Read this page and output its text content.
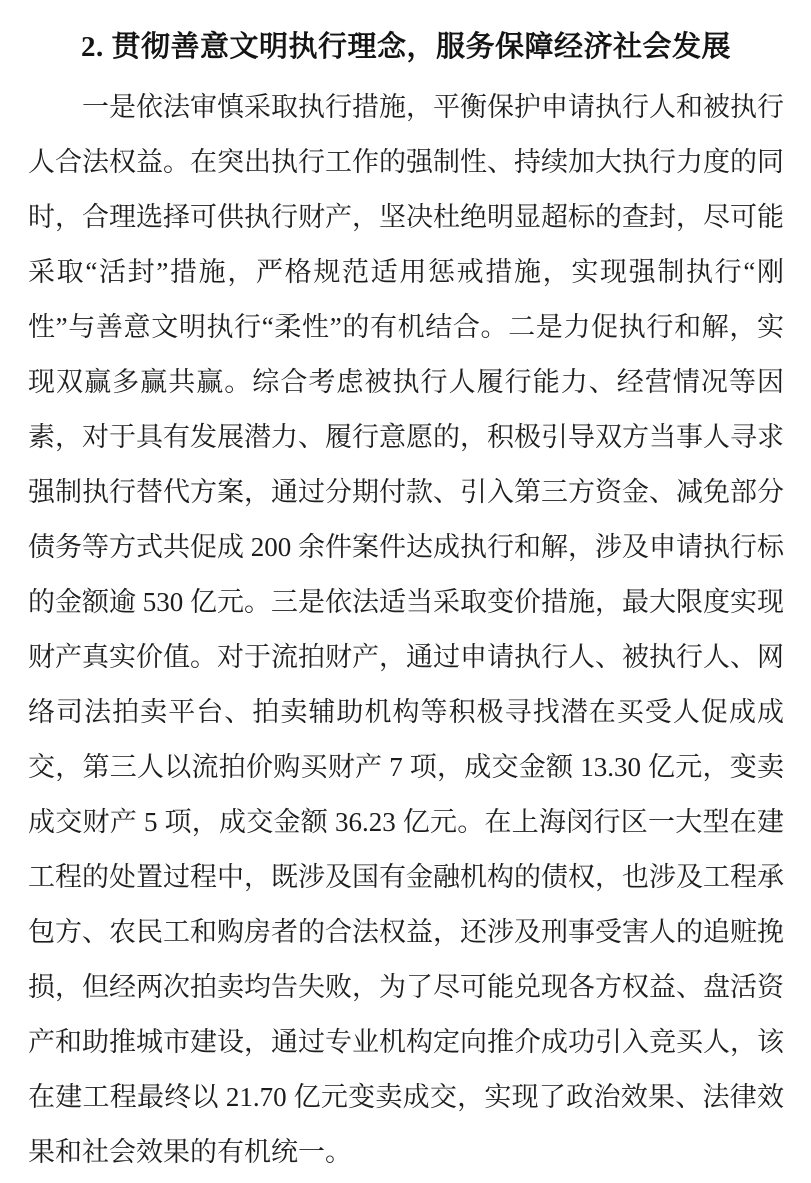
2. 贯彻善意文明执行理念，服务保障经济社会发展

一是依法审慎采取执行措施，平衡保护申请执行人和被执行人合法权益。在突出执行工作的强制性、持续加大执行力度的同时，合理选择可供执行财产，坚决杜绝明显超标的查封，尽可能采取“活封”措施，严格规范适用惩戒措施，实现强制执行“刚性”与善意文明执行“柔性”的有机结合。二是力促执行和解，实现双赢多赢共赢。综合考虑被执行人履行能力、经营情况等因素，对于具有发展潜力、履行意愿的，积极引导双方当事人寻求强制执行替代方案，通过分期付款、引入第三方资金、减免部分债务等方式共促成 200 余件案件达成执行和解，涉及申请执行标的金额逾 530 亿元。三是依法适当采取变价措施，最大限度实现财产真实价值。对于流拍财产，通过申请执行人、被执行人、网络司法拍卖平台、拍卖辅助机构等积极寻找潜在买受人促成成交，第三人以流拍价购买财产 7 项，成交金额 13.30 亿元，变卖成交财产 5 项，成交金额 36.23 亿元。在上海闵行区一大型在建工程的处置过程中，既涉及国有金融机构的债权，也涉及工程承包方、农民工和购房者的合法权益，还涉及刑事受害人的追赃挽损，但经两次拍卖均告失败，为了尽可能兑现各方权益、盘活资产和助推城市建设，通过专业机构定向推介成功引入竞买人，该在建工程最终以 21.70 亿元变卖成交，实现了政治效果、法律效果和社会效果的有机统一。
